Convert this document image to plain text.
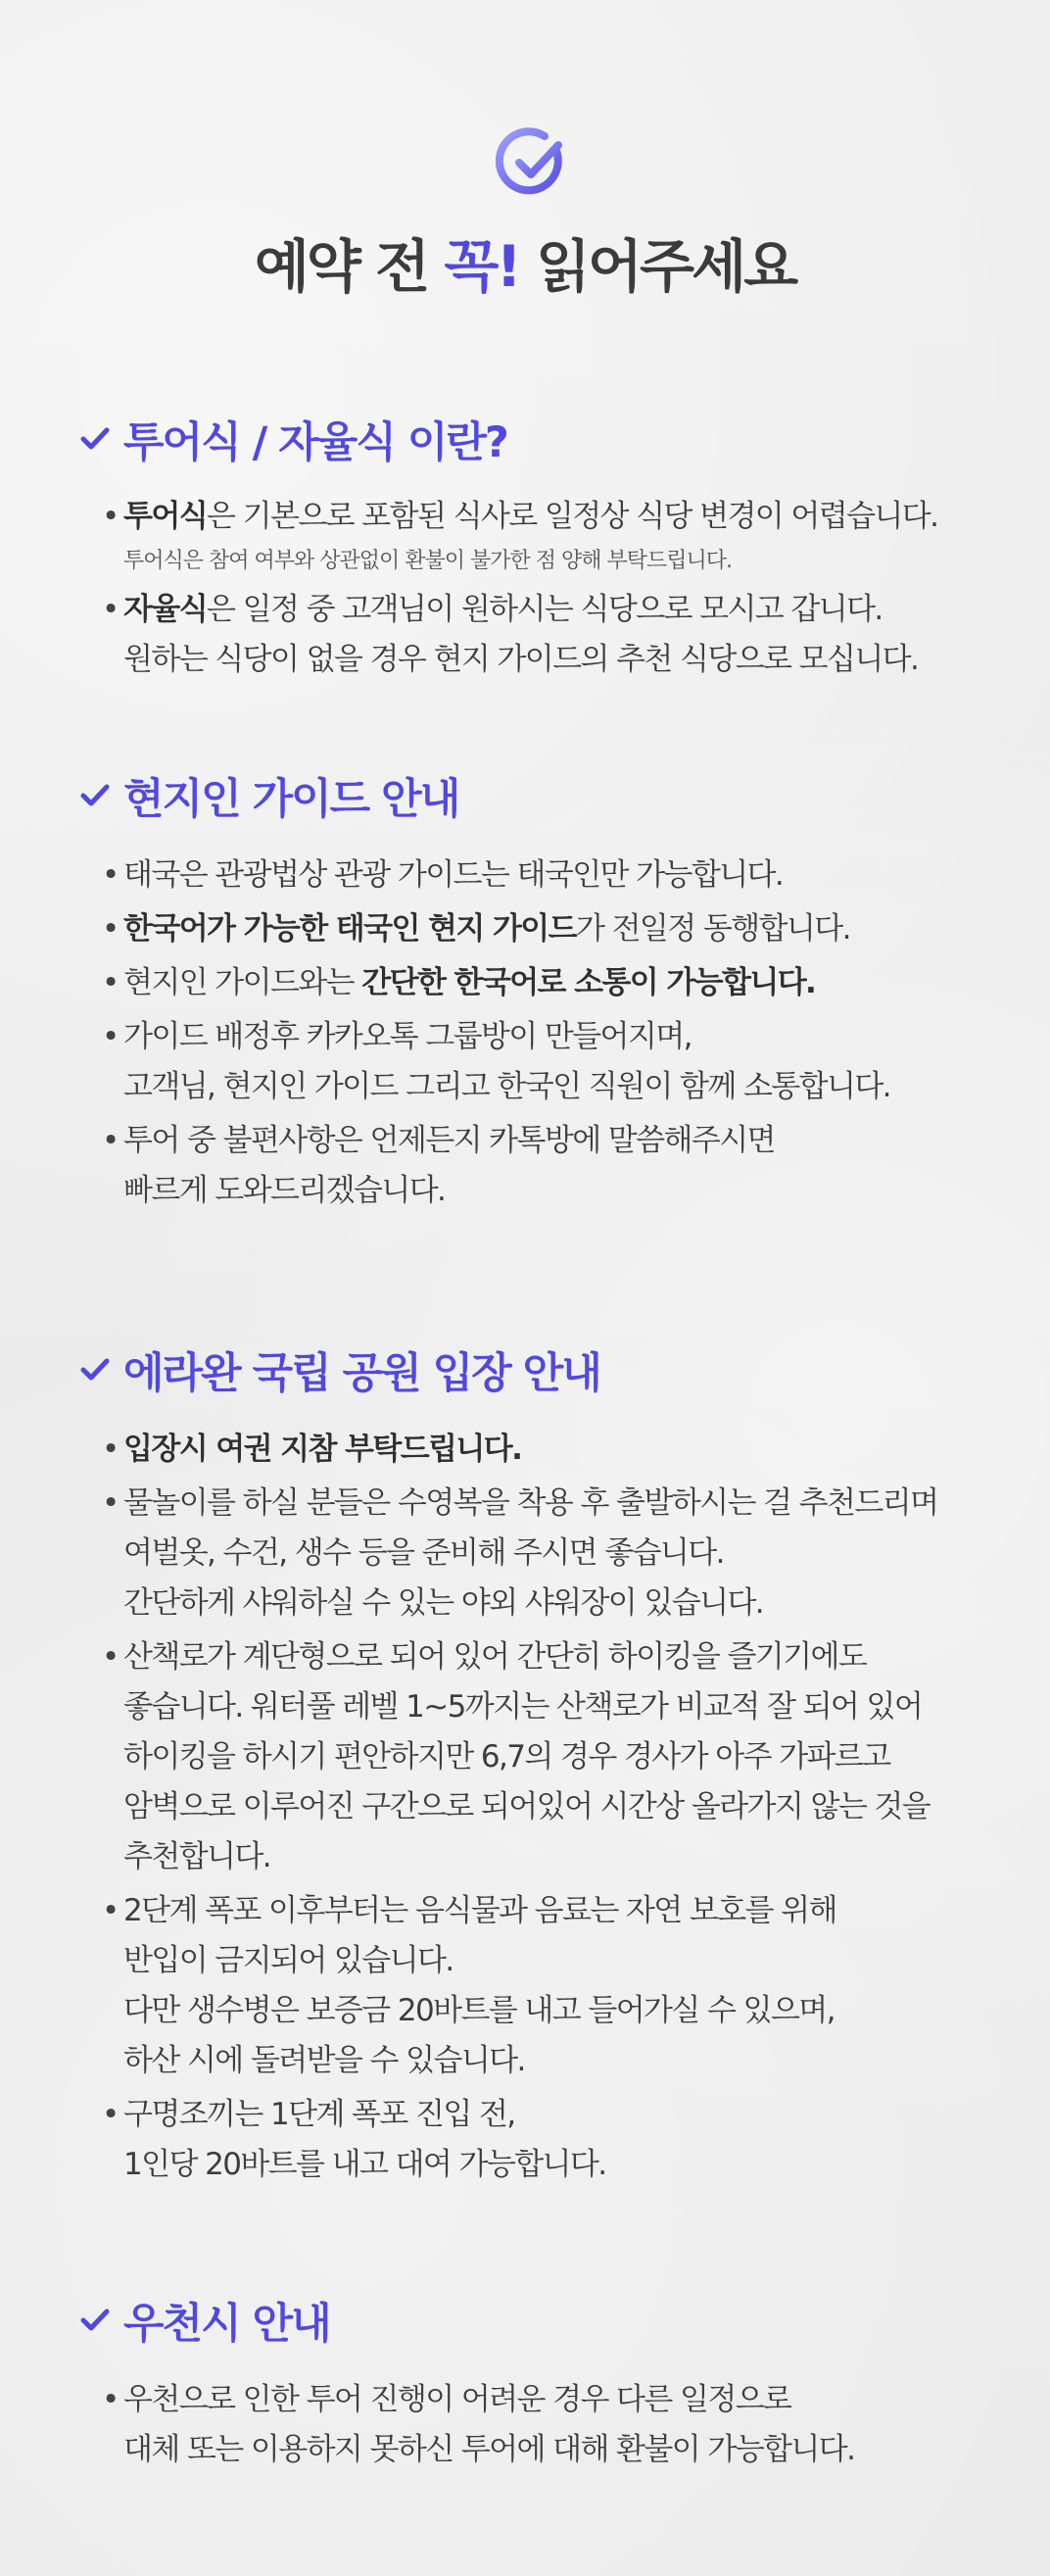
예약 전 꼭! 읽어주세요
투어식 / 자율식 이란?
• 투어식은 기본으로 포함된 식사로 일정상 식당 변경이 어렵습니다.
투어식은 참여 여부와 상관없이 환불이 불가한 점 양해 부탁드립니다.
• 자율식은 일정 중 고객님이 원하시는 식당으로 모시고 갑니다.
원하는 식당이 없을 경우 현지 가이드의 추천 식당으로 모십니다.
현지인 가이드 안내
• 태국은 관광법상 관광 가이드는 태국인만 가능합니다.
• 한국어가 가능한 태국인 현지 가이드가 전일정 동행합니다.
• 현지인 가이드와는 간단한 한국어로 소통이 가능합니다.
• 가이드 배정후 카카오톡 그룹방이 만들어지며,
고객님, 현지인 가이드 그리고 한국인 직원이 함께 소통합니다.
• 투어 중 불편사항은 언제든지 카톡방에 말씀해주시면
빠르게 도와드리겠습니다.
에라완 국립 공원 입장 안내
• 입장시 여권 지참 부탁드립니다.
• 물놀이를 하실 분들은 수영복을 착용 후 출발하시는 걸 추천드리며
여벌옷, 수건, 생수 등을 준비해 주시면 좋습니다.
간단하게 샤워하실 수 있는 야외 샤워장이 있습니다.
• 산책로가 계단형으로 되어 있어 간단히 하이킹을 즐기기에도
좋습니다. 워터풀 레벨 1~5까지는 산책로가 비교적 잘 되어 있어
하이킹을 하시기 편안하지만 6,7의 경우 경사가 아주 가파르고
암벽으로 이루어진 구간으로 되어있어 시간상 올라가지 않는 것을
추천합니다.
• 2단계 폭포 이후부터는 음식물과 음료는 자연 보호를 위해
반입이 금지되어 있습니다.
다만 생수병은 보증금 20바트를 내고 들어가실 수 있으며,
하산 시에 돌려받을 수 있습니다.
• 구명조끼는 1단계 폭포 진입 전,
1인당 20바트를 내고 대여 가능합니다.
우천시 안내
• 우천으로 인한 투어 진행이 어려운 경우 다른 일정으로
대체 또는 이용하지 못하신 투어에 대해 환불이 가능합니다.
